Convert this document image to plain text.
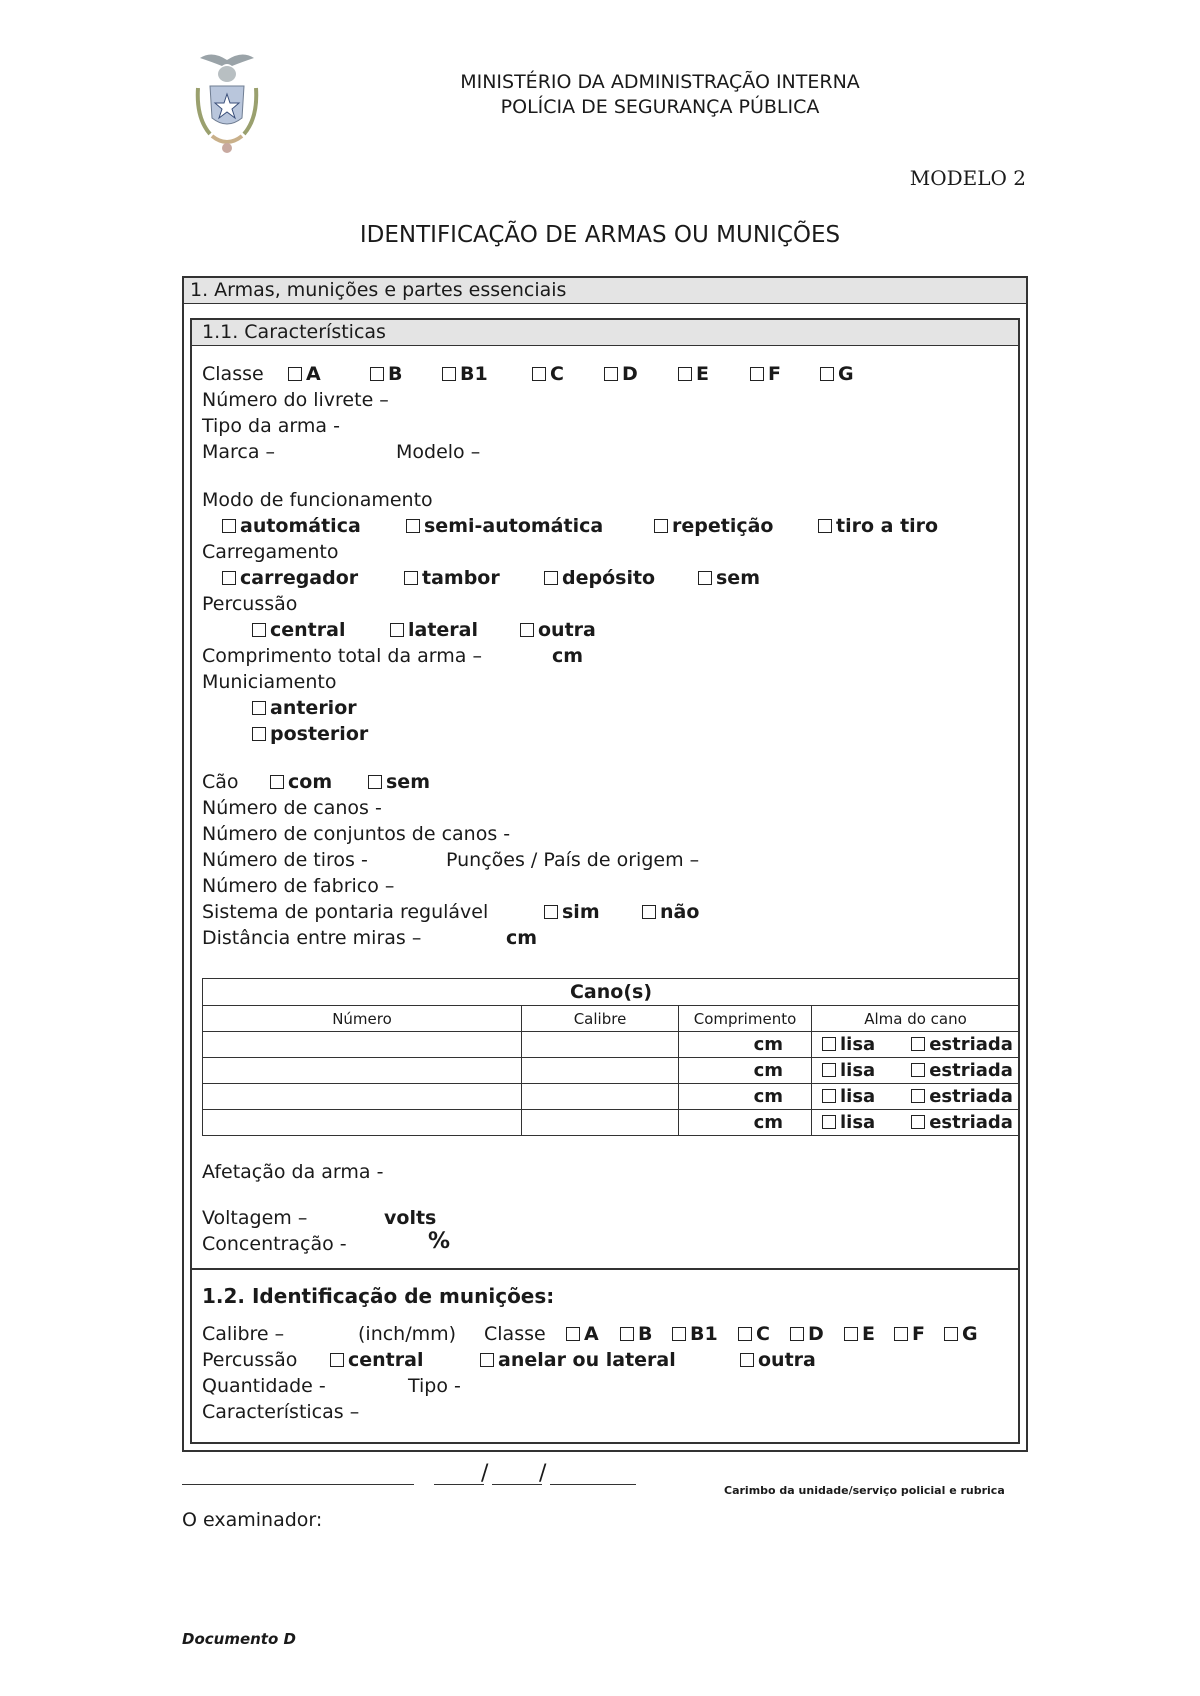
MINISTÉRIO DA ADMINISTRAÇÃO INTERNA
POLÍCIA DE SEGURANÇA PÚBLICA
MODELO 2
IDENTIFICAÇÃO DE ARMAS OU MUNIÇÕES
1. Armas, munições e partes essenciais
1.1. Características
Classe	A	B	B1	C	D	E	F	G
Número do livrete –
Tipo da arma -
Marca –	Modelo –
Modo de funcionamento
automática	semi-automática	repetição	tiro a tiro
Carregamento
carregador	tambor	depósito	sem
Percussão
central	lateral	outra
Comprimento total da arma –	cm
Municiamento
anterior
posterior
Cão	com	sem
Número de canos -
Número de conjuntos de canos -
Número de tiros -	Punções / País de origem –
Número de fabrico –
Sistema de pontaria regulável	sim	não
Distância entre miras –	cm
Cano(s)			
Número	Calibre	Comprimento	Alma do cano
		cm	lisa estriada
		cm	lisa estriada
		cm	lisa estriada
		cm	lisa estriada
Afetação da arma -
Voltagem –	volts
Concentração -	%
1.2. Identificação de munições:
Calibre –	(inch/mm) Classe	A	B	B1	C	D	E	F	G
Percussão	central	anelar ou lateral	outra
Quantidade -	Tipo -
Características –
/ /
Carimbo da unidade/serviço policial e rubrica
O examinador:
Documento D
